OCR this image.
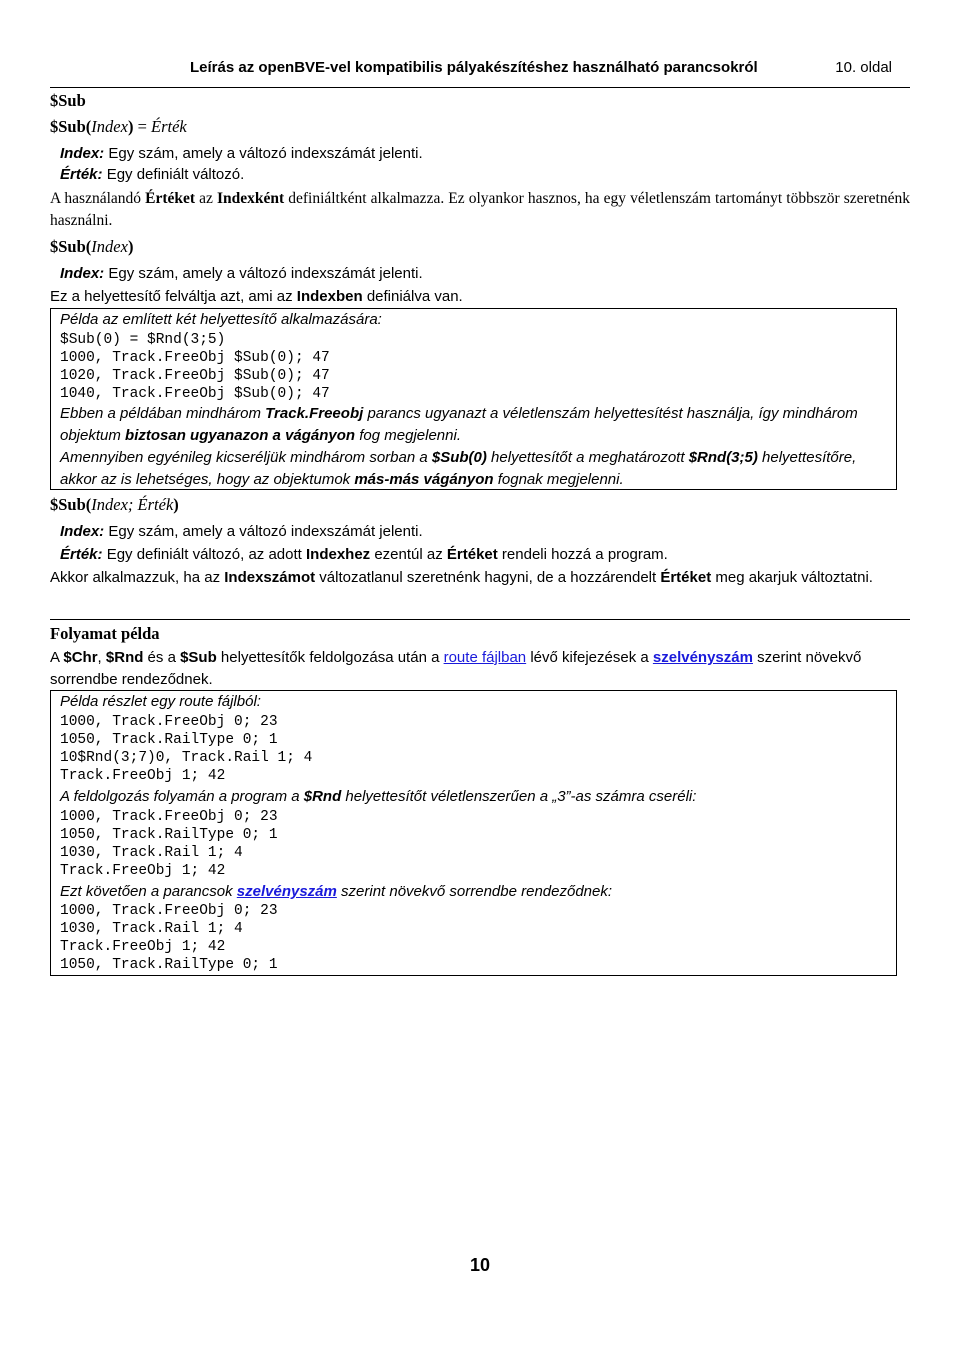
Leírás az openBVE-vel kompatibilis pályakészítéshez használható parancsokról	10. oldal
$Sub
$Sub(Index) = Érték
Index: Egy szám, amely a változó indexszámát jelenti.
Érték: Egy definiált változó.
A használandó Értéket az Indexként definiáltként alkalmazza. Ez olyankor hasznos, ha egy véletlenszám tartományt többször szeretnénk használni.
$Sub(Index)
Index: Egy szám, amely a változó indexszámát jelenti.
Ez a helyettesítő felváltja azt, ami az Indexben definiálva van.
Példa az említett két helyettesítő alkalmazására:
$Sub(0) = $Rnd(3;5)
1000, Track.FreeObj $Sub(0); 47
1020, Track.FreeObj $Sub(0); 47
1040, Track.FreeObj $Sub(0); 47
Ebben a példában mindhárom Track.Freeobj parancs ugyanazt a véletlenszám helyettesítést használja, így mindhárom objektum biztosan ugyanazon a vágányon fog megjelenni.
Amennyiben egyénileg kicseréljük mindhárom sorban a $Sub(0) helyettesítőt a meghatározott $Rnd(3;5) helyettesítőre, akkor az is lehetséges, hogy az objektumok más-más vágányon fognak megjelenni.
$Sub(Index; Érték)
Index: Egy szám, amely a változó indexszámát jelenti.
Érték: Egy definiált változó, az adott Indexhez ezentúl az Értéket rendeli hozzá a program.
Akkor alkalmazzuk, ha az Indexszámot változatlanul szeretnénk hagyni, de a hozzárendelt Értéket meg akarjuk változtatni.
Folyamat példa
A $Chr, $Rnd és a $Sub helyettesítők feldolgozása után a route fájlban lévő kifejezések a szelvényszám szerint növekvő sorrendbe rendeződnek.
Példa részlet egy route fájlból:
1000, Track.FreeObj 0; 23
1050, Track.RailType 0; 1
10$Rnd(3;7)0, Track.Rail 1; 4
Track.FreeObj 1; 42
A feldolgozás folyamán a program a $Rnd helyettesítőt véletlenszerűen a „3”-as számra cseréli:
1000, Track.FreeObj 0; 23
1050, Track.RailType 0; 1
1030, Track.Rail 1; 4
Track.FreeObj 1; 42
Ezt követően a parancsok szelvényszám szerint növekvő sorrendbe rendeződnek:
1000, Track.FreeObj 0; 23
1030, Track.Rail 1; 4
Track.FreeObj 1; 42
1050, Track.RailType 0; 1
10
